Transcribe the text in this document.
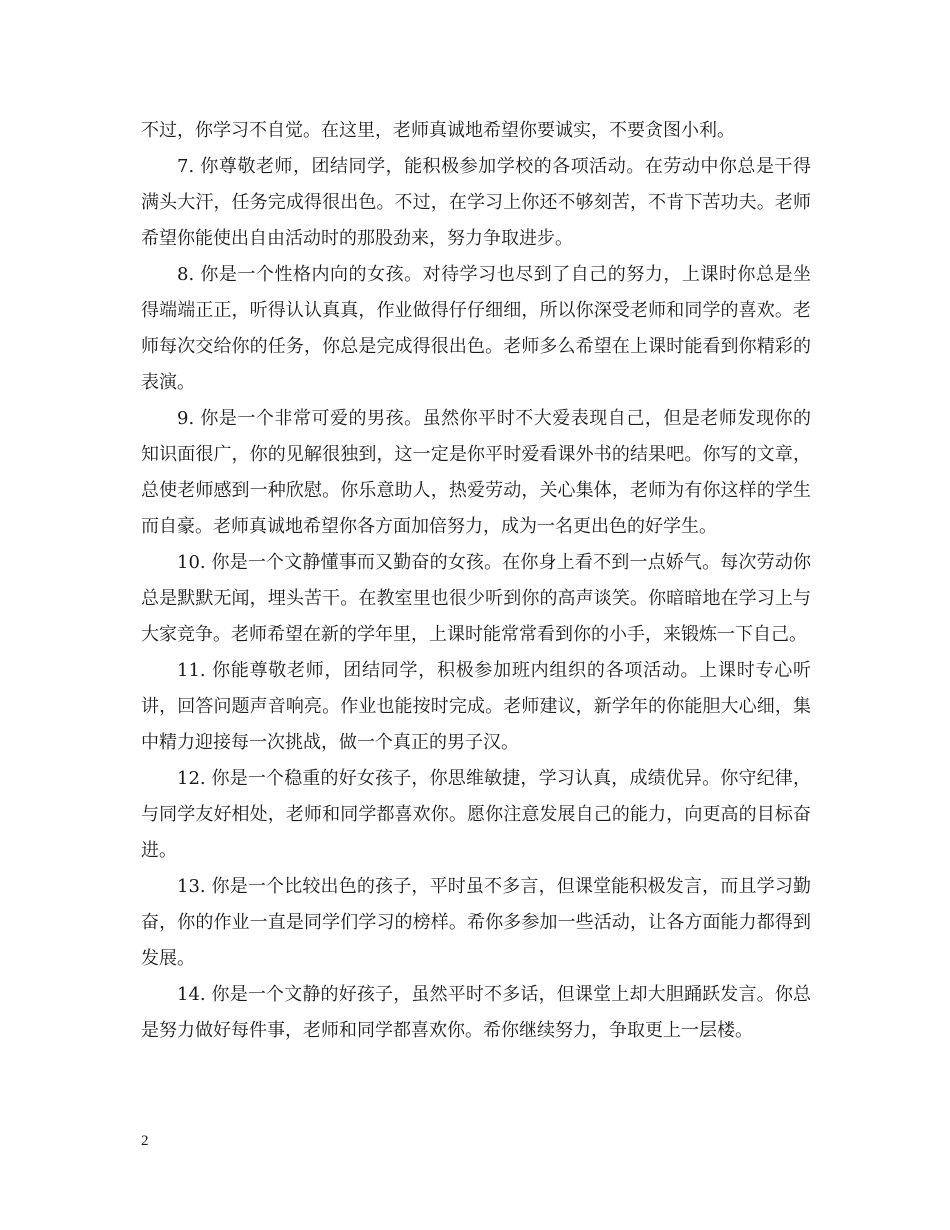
不过，你学习不自觉。在这里，老师真诚地希望你要诚实，不要贪图小利。

7. 你尊敬老师，团结同学，能积极参加学校的各项活动。在劳动中你总是干得满头大汗，任务完成得很出色。不过，在学习上你还不够刻苦，不肯下苦功夫。老师希望你能使出自由活动时的那股劲来，努力争取进步。

8. 你是一个性格内向的女孩。对待学习也尽到了自己的努力，上课时你总是坐得端端正正，听得认认真真，作业做得仔仔细细，所以你深受老师和同学的喜欢。老师每次交给你的任务，你总是完成得很出色。老师多么希望在上课时能看到你精彩的表演。

9. 你是一个非常可爱的男孩。虽然你平时不大爱表现自己，但是老师发现你的知识面很广，你的见解很独到，这一定是你平时爱看课外书的结果吧。你写的文章，总使老师感到一种欣慰。你乐意助人，热爱劳动，关心集体，老师为有你这样的学生而自豪。老师真诚地希望你各方面加倍努力，成为一名更出色的好学生。

10. 你是一个文静懂事而又勤奋的女孩。在你身上看不到一点娇气。每次劳动你总是默默无闻，埋头苦干。在教室里也很少听到你的高声谈笑。你暗暗地在学习上与大家竞争。老师希望在新的学年里，上课时能常常看到你的小手，来锻炼一下自己。

11. 你能尊敬老师，团结同学，积极参加班内组织的各项活动。上课时专心听讲，回答问题声音响亮。作业也能按时完成。老师建议，新学年的你能胆大心细，集中精力迎接每一次挑战，做一个真正的男子汉。

12. 你是一个稳重的好女孩子，你思维敏捷，学习认真，成绩优异。你守纪律，与同学友好相处，老师和同学都喜欢你。愿你注意发展自己的能力，向更高的目标奋进。

13. 你是一个比较出色的孩子，平时虽不多言，但课堂能积极发言，而且学习勤奋，你的作业一直是同学们学习的榜样。希你多参加一些活动，让各方面能力都得到发展。

14. 你是一个文静的好孩子，虽然平时不多话，但课堂上却大胆踊跃发言。你总是努力做好每件事，老师和同学都喜欢你。希你继续努力，争取更上一层楼。

2
